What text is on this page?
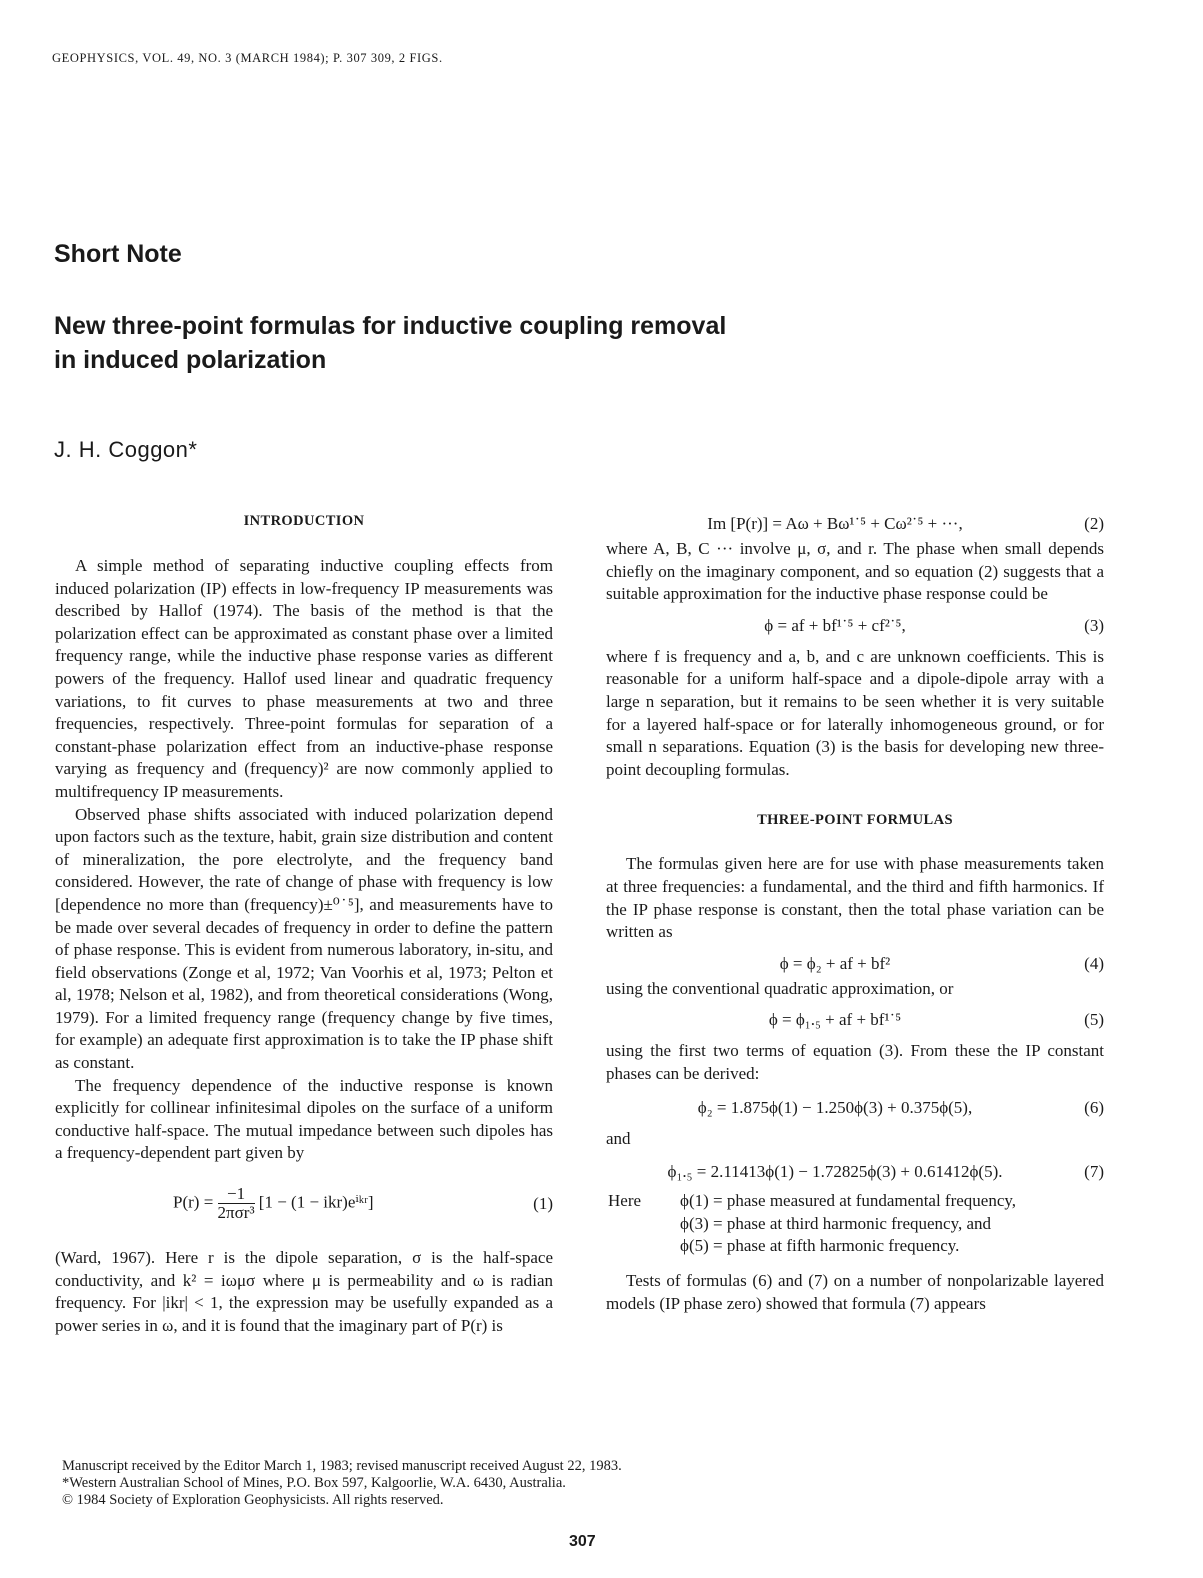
GEOPHYSICS, VOL. 49, NO. 3 (MARCH 1984); P. 307 309, 2 FIGS.
Short Note
New three-point formulas for inductive coupling removal in induced polarization
J. H. Coggon*
INTRODUCTION

A simple method of separating inductive coupling effects from induced polarization (IP) effects in low-frequency IP measurements was described by Hallof (1974). The basis of the method is that the polarization effect can be approximated as constant phase over a limited frequency range, while the inductive phase response varies as different powers of the frequency. Hallof used linear and quadratic frequency variations, to fit curves to phase measurements at two and three frequencies, respectively. Three-point formulas for separation of a constant-phase polarization effect from an inductive-phase response varying as frequency and (frequency)² are now commonly applied to multifrequency IP measurements.

Observed phase shifts associated with induced polarization depend upon factors such as the texture, habit, grain size distribution and content of mineralization, the pore electrolyte, and the frequency band considered. However, the rate of change of phase with frequency is low [dependence no more than (frequency)±⁰˙⁵], and measurements have to be made over several decades of frequency in order to define the pattern of phase response. This is evident from numerous laboratory, in-situ, and field observations (Zonge et al, 1972; Van Voorhis et al, 1973; Pelton et al, 1978; Nelson et al, 1982), and from theoretical considerations (Wong, 1979). For a limited frequency range (frequency change by five times, for example) an adequate first approximation is to take the IP phase shift as constant.

The frequency dependence of the inductive response is known explicitly for collinear infinitesimal dipoles on the surface of a uniform conductive half-space. The mutual impedance between such dipoles has a frequency-dependent part given by

$P(r) = \frac{-1}{\text{2πσr³}} [1 - (1$ − ikr)eⁱᵏʳ]	(1)

(Ward, 1967). Here r is the dipole separation, σ is the half-space conductivity, and k² = iωμσ where μ is permeability and ω is radian frequency. For |ikr| < 1, the expression may be usefully expanded as a power series in ω, and it is found that the imaginary part of P(r) is

Im [P(r)] = Aω + Bω¹˙⁵ + Cω²˙⁵ + ···,	(2)

where A, B, C ··· involve μ, σ, and r. The phase when small depends chiefly on the imaginary component, and so equation (2) suggests that a suitable approximation for the inductive phase response could be

ϕ = af + bf¹˙⁵ + cf²˙⁵,	(3)

where f is frequency and a, b, and c are unknown coefficients. This is reasonable for a uniform half-space and a dipole-dipole array with a large n separation, but it remains to be seen whether it is very suitable for a layered half-space or for laterally inhomogeneous ground, or for small n separations. Equation (3) is the basis for developing new three-point decoupling formulas.

THREE-POINT FORMULAS

The formulas given here are for use with phase measurements taken at three frequencies: a fundamental, and the third and fifth harmonics. If the IP phase response is constant, then the total phase variation can be written as

ϕ = ϕ₂ + af + bf²	(4)

using the conventional quadratic approximation, or

ϕ = ϕ₁.₅ + af + bf¹˙⁵	(5)

using the first two terms of equation (3). From these the IP constant phases can be derived:

ϕ₂ = 1.875ϕ(1) − 1.250ϕ(3) + 0.375ϕ(5),	(6)
and
ϕ₁.₅ = 2.11413ϕ(1) − 1.72825ϕ(3) + 0.61412ϕ(5).	(7)
Here ϕ(1) = phase measured at fundamental frequency,
ϕ(3) = phase at third harmonic frequency, and
ϕ(5) = phase at fifth harmonic frequency.

Tests of formulas (6) and (7) on a number of nonpolarizable layered models (IP phase zero) showed that formula (7) appears

Manuscript received by the Editor March 1, 1983; revised manuscript received August 22, 1983.
*Western Australian School of Mines, P.O. Box 597, Kalgoorlie, W.A. 6430, Australia.
© 1984 Society of Exploration Geophysicists. All rights reserved.
307
